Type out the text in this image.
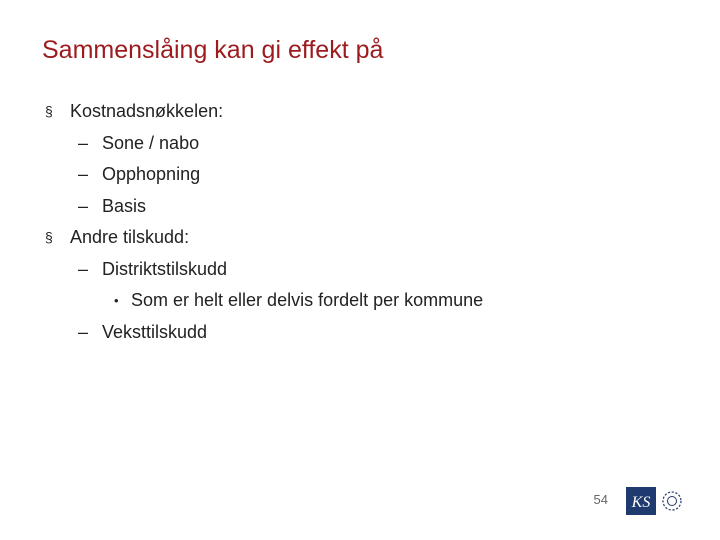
Sammenslåing kan gi effekt på
§ Kostnadsnøkkelen:
– Sone / nabo
– Opphopning
– Basis
§ Andre tilskudd:
– Distriktstilskudd
• Som er helt eller delvis fordelt per kommune
– Veksttilskudd
54 KS
